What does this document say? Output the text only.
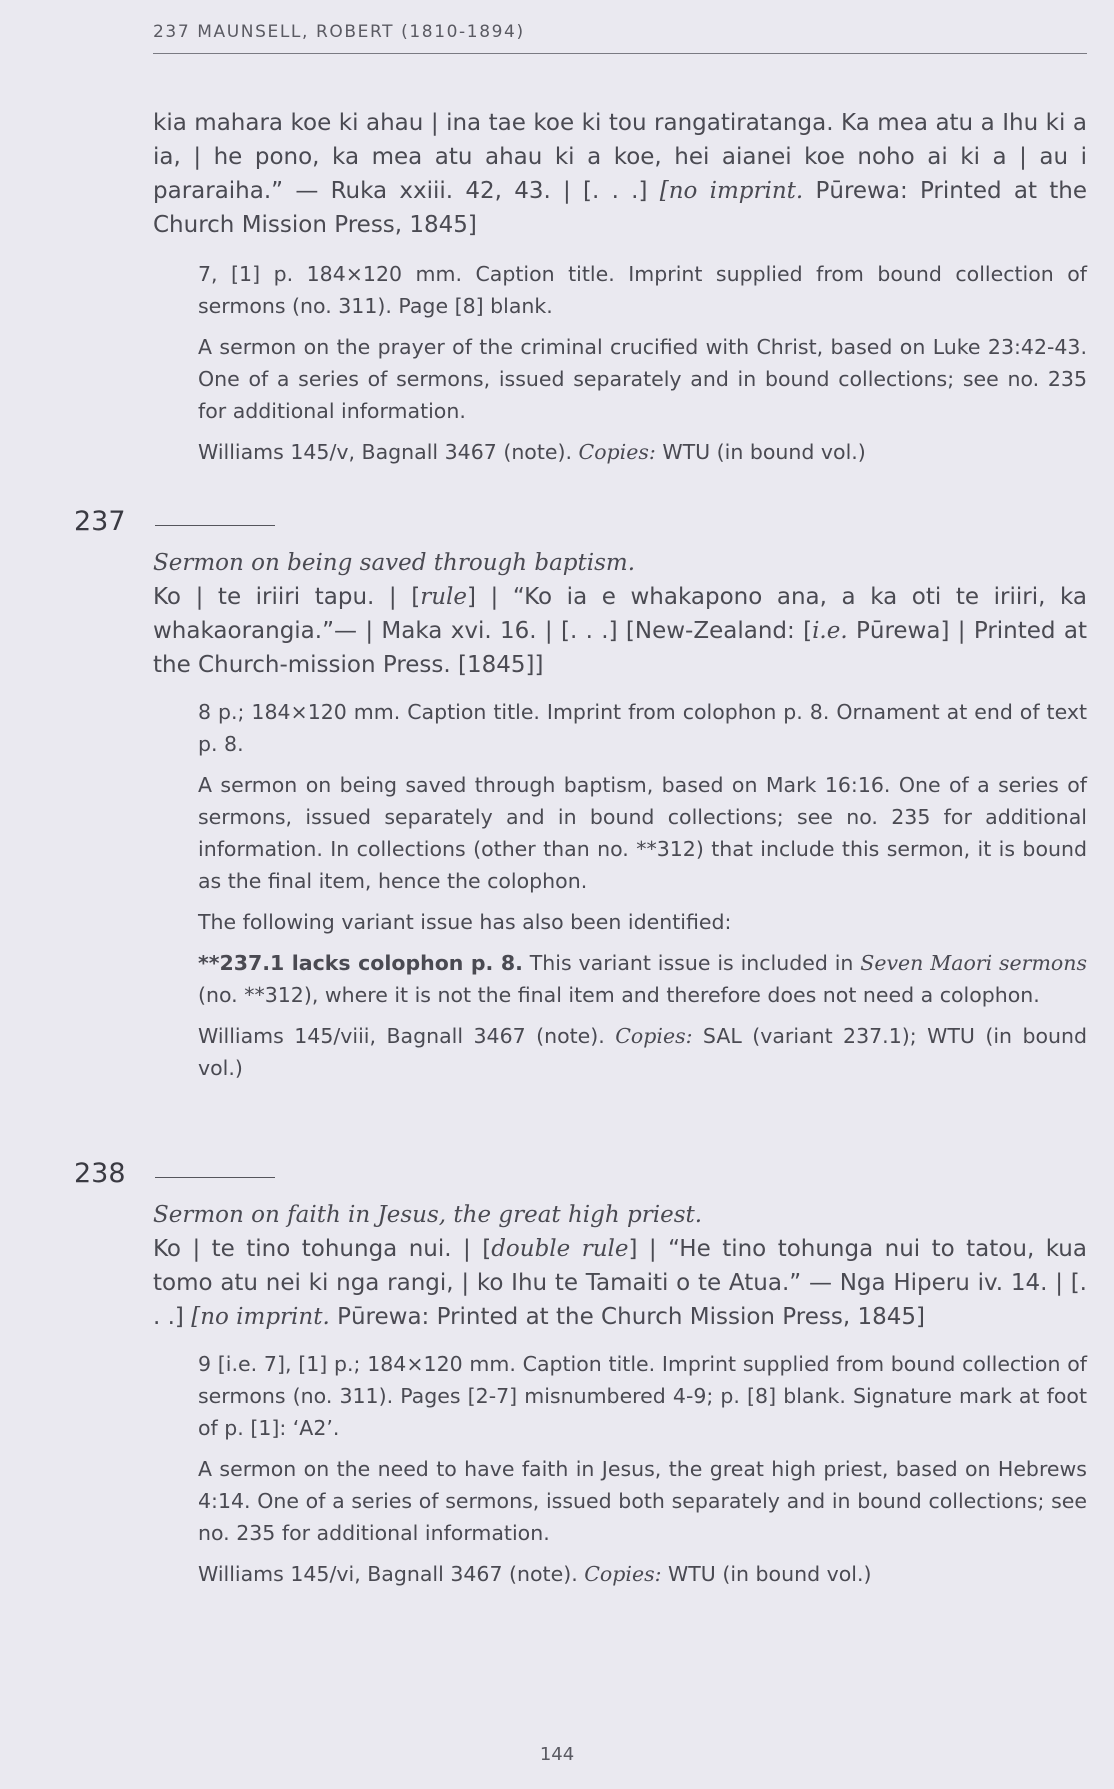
237 MAUNSELL, ROBERT (1810-1894)

kia mahara koe ki ahau | ina tae koe ki tou rangatiratanga. Ka mea atu a Ihu ki a ia, | he pono, ka mea atu ahau ki a koe, hei aianei koe noho ai ki a | au i pararaiha.” — Ruka xxiii. 42, 43. | [. . .] [no imprint. Pūrewa: Printed at the Church Mission Press, 1845]

7, [1] p. 184×120 mm. Caption title. Imprint supplied from bound collection of sermons (no. 311). Page [8] blank.

A sermon on the prayer of the criminal crucified with Christ, based on Luke 23:42-43. One of a series of sermons, issued separately and in bound collections; see no. 235 for additional information.

Williams 145/v, Bagnall 3467 (note). Copies: WTU (in bound vol.)

237

Sermon on being saved through baptism.

Ko | te iriiri tapu. | [rule] | “Ko ia e whakapono ana, a ka oti te iriiri, ka whakaorangia.”— | Maka xvi. 16. | [. . .] [New-Zealand: [i.e. Pūrewa] | Printed at the Church-mission Press. [1845]]

8 p.; 184×120 mm. Caption title. Imprint from colophon p. 8. Ornament at end of text p. 8.

A sermon on being saved through baptism, based on Mark 16:16. One of a series of sermons, issued separately and in bound collections; see no. 235 for additional information. In collections (other than no. **312) that include this sermon, it is bound as the final item, hence the colophon.

The following variant issue has also been identified:

**237.1 lacks colophon p. 8. This variant issue is included in Seven Maori sermons (no. **312), where it is not the final item and therefore does not need a colophon.

Williams 145/viii, Bagnall 3467 (note). Copies: SAL (variant 237.1); WTU (in bound vol.)

238

Sermon on faith in Jesus, the great high priest.

Ko | te tino tohunga nui. | [double rule] | “He tino tohunga nui to tatou, kua tomo atu nei ki nga rangi, | ko Ihu te Tamaiti o te Atua.” — Nga Hiperu iv. 14. | [. . .] [no imprint. Pūrewa: Printed at the Church Mission Press, 1845]

9 [i.e. 7], [1] p.; 184×120 mm. Caption title. Imprint supplied from bound collection of sermons (no. 311). Pages [2-7] misnumbered 4-9; p. [8] blank. Signature mark at foot of p. [1]: ‘A2’.

A sermon on the need to have faith in Jesus, the great high priest, based on Hebrews 4:14. One of a series of sermons, issued both separately and in bound collections; see no. 235 for additional information.

Williams 145/vi, Bagnall 3467 (note). Copies: WTU (in bound vol.)

144
